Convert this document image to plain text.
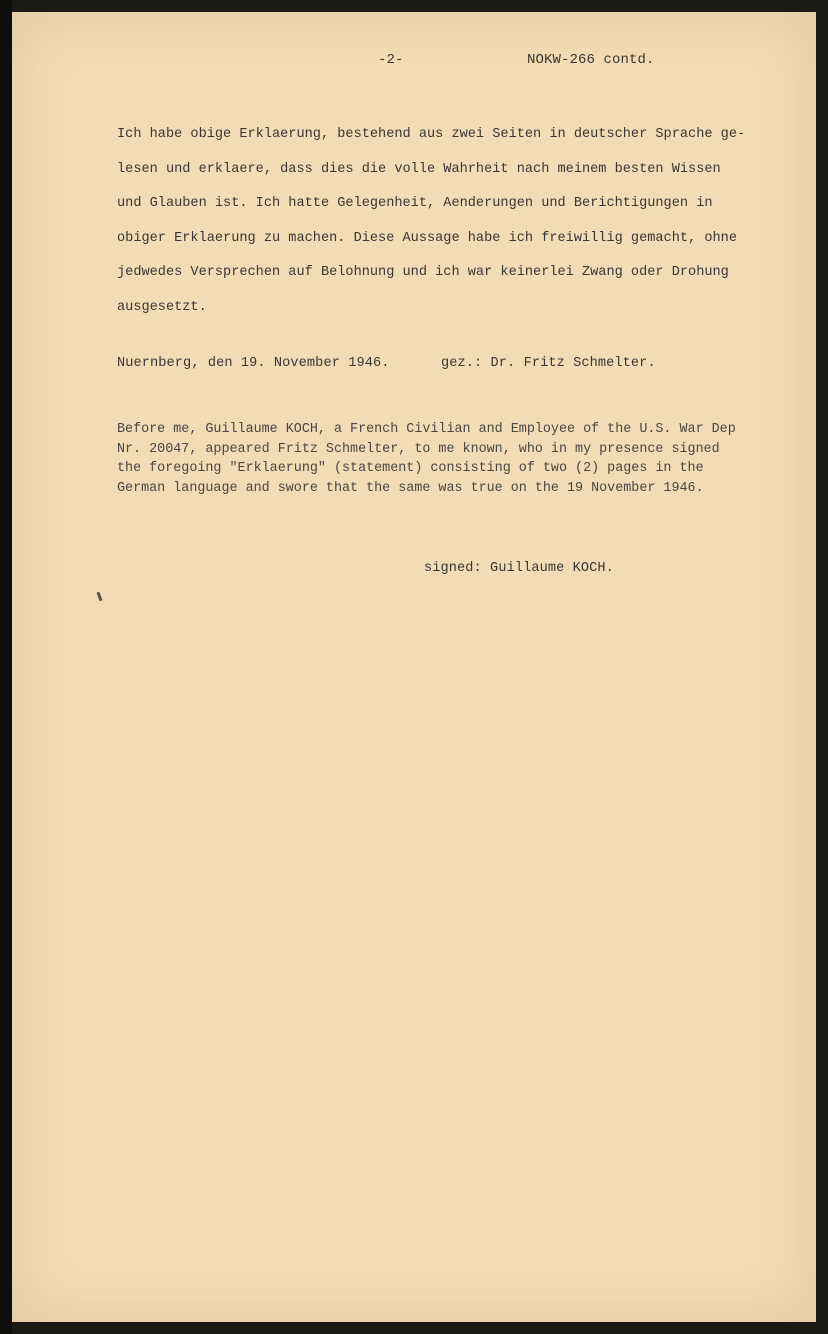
-2-	NOKW-266 contd.
Ich habe obige Erklaerung, bestehend aus zwei Seiten in deutscher Sprache ge-
lesen und erklaere, dass dies die volle Wahrheit nach meinem besten Wissen
und Glauben ist. Ich hatte Gelegenheit, Aenderungen und Berichtigungen in
obiger Erklaerung zu machen. Diese Aussage habe ich freiwillig gemacht, ohne
jedwedes Versprechen auf Belohnung und ich war keinerlei Zwang oder Drohung
ausgesetzt.
Nuernberg, den 19. November 1946.	gez.: Dr. Fritz Schmelter.
Before me, Guillaume KOCH, a French Civilian and Employee of the U.S. War Dep
Nr. 20047, appeared Fritz Schmelter, to me known, who in my presence signed
the foregoing "Erklaerung" (statement) consisting of two (2) pages in the
German language and swore that the same was true on the 19 November 1946.
signed: Guillaume KOCH.
